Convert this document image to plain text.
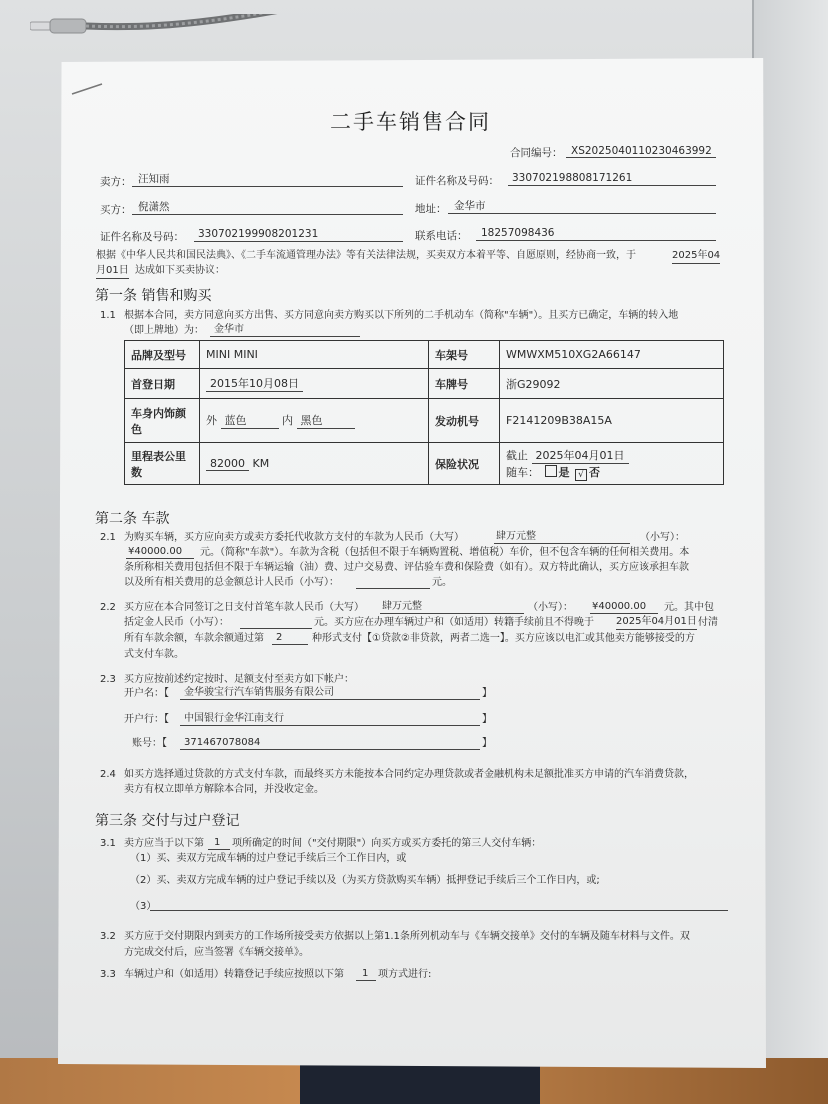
二手车销售合同
合同编号： XS2025040110230463992
卖方： 汪知雨	证件名称及号码： 330702198808171261
买方： 倪潇然	地址： 金华市
证件名称及号码： 330702199908201231	联系电话： 18257098436
根据《中华人民共和国民法典》、《二手车流通管理办法》等有关法律法规，买卖双方本着平等、自愿原则，经协商一致，于	2025年04
月01日 达成如下买卖协议：
第一条 销售和购买
1.1 根据本合同，卖方同意向买方出售、买方同意向卖方购买以下所列的二手机动车（简称"车辆"）。且买方已确定，车辆的转入地
（即上牌地）为： 金华市
品牌及型号	MINI MINI	车架号	WMWXM510XG2A66147
首登日期	2015年10月08日	车牌号	浙G29092
车身内饰颜色	外 蓝色 内 黑色	发动机号	F2141209B38A15A
里程表公里数	82000 KM	保险状况	截止 2025年04月01日
随车： 是 √ 否
第二条 车款
2.1 为购买车辆，买方应向卖方或卖方委托代收款方支付的车款为人民币（大写）	肆万元整	（小写）：
¥40000.00 元。（简称"车款"）。车款为含税（包括但不限于车辆购置税、增值税）车价，但不包含车辆的任何相关费用。本
条所称相关费用包括但不限于车辆运输（油）费、过户交易费、评估验车费和保险费（如有）。双方特此确认，买方应该承担车款
以及所有相关费用的总金额总计人民币（小写）：	元。
2.2 买方应在本合同签订之日支付首笔车款人民币（大写） 肆万元整	（小写）： ¥40000.00 元。其中包
括定金人民币（小写）：	元。买方应在办理车辆过户和（如适用）转籍手续前且不得晚于 2025年04月01日 付清
所有车款余额，车款余额通过第 2	种形式支付【①贷款②非贷款，两者二选一】。买方应该以电汇或其他卖方能够接受的方
式支付车款。
2.3 买方应按前述约定按时、足额支付至卖方如下帐户：
开户名：【 金华骏宝行汽车销售服务有限公司	】
开户行：【 中国银行金华江南支行	】
账号：【 371467078084	】
2.4 如买方选择通过贷款的方式支付车款，而最终买方未能按本合同约定办理贷款或者金融机构未足额批准买方申请的汽车消费贷款，
卖方有权立即单方解除本合同，并没收定金。
第三条 交付与过户登记
3.1 卖方应当于以下第 1 项所确定的时间（"交付期限"）向买方或买方委托的第三人交付车辆：
（1）买、卖双方完成车辆的过户登记手续后三个工作日内，或
（2）买、卖双方完成车辆的过户登记手续以及（为买方贷款购买车辆）抵押登记手续后三个工作日内，或;
（3）
3.2 买方应于交付期限内到卖方的工作场所接受卖方依据以上第1.1条所列机动车与《车辆交接单》交付的车辆及随车材料与文件。双
方完成交付后，应当签署《车辆交接单》。
3.3 车辆过户和（如适用）转籍登记手续应按照以下第 1 项方式进行:
